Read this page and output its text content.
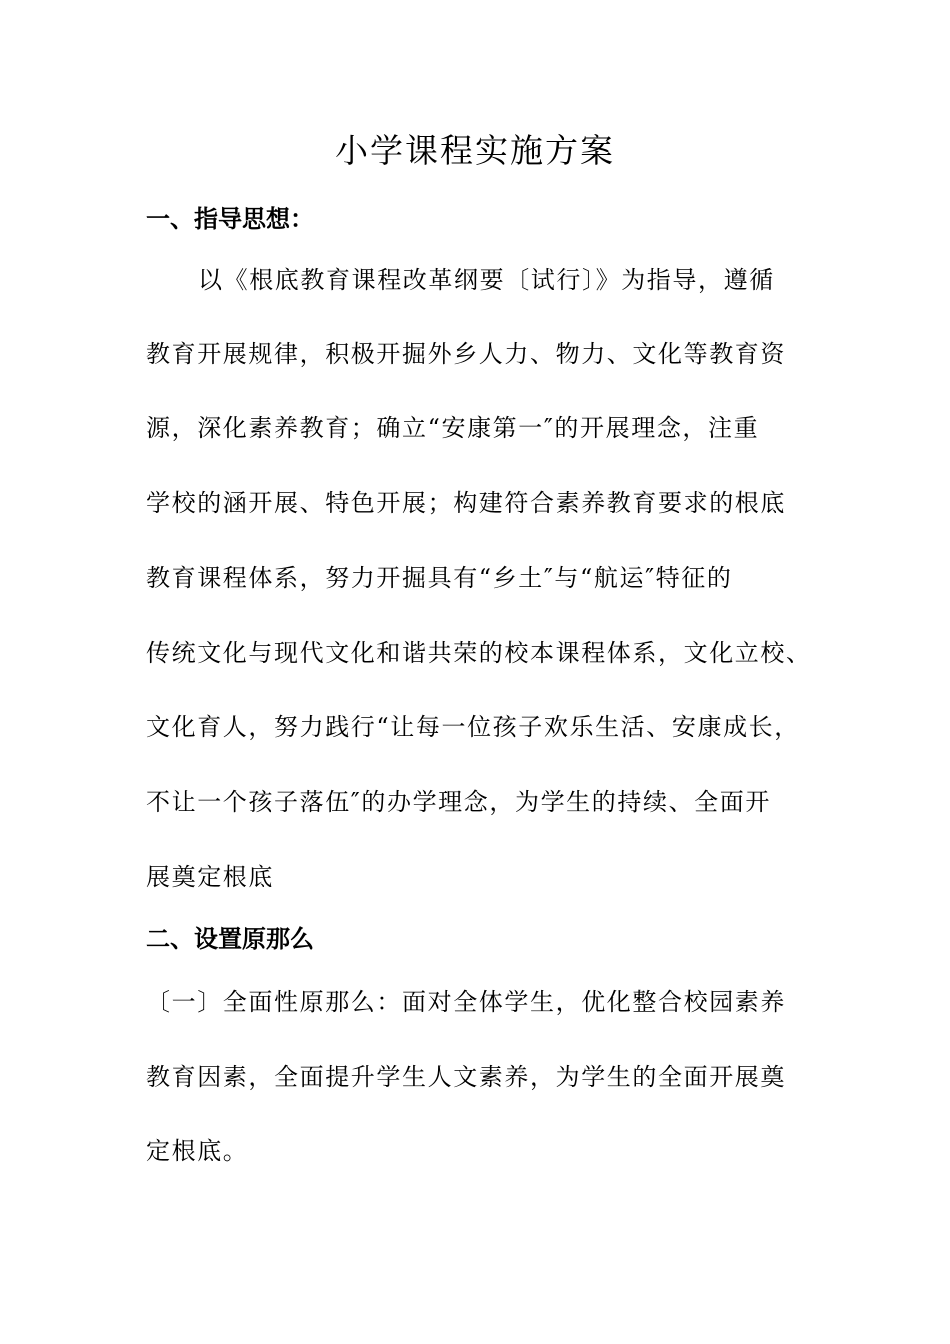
小学课程实施方案
一、指导思想：

以《根底教育课程改革纲要〔试行〕》为指导，遵循

教育开展规律，积极开掘外乡人力、物力、文化等教育资

源，深化素养教育；确立“安康第一″的开展理念，注重

学校的涵开展、特色开展；构建符合素养教育要求的根底

教育课程体系，努力开掘具有“乡土″与“航运″特征的

传统文化与现代文化和谐共荣的校本课程体系，文化立校、

文化育人，努力践行“让每一位孩子欢乐生活、安康成长，

不让一个孩子落伍″的办学理念，为学生的持续、全面开

展奠定根底

二、设置原那么

〔一〕全面性原那么：面对全体学生，优化整合校园素养

教育因素，全面提升学生人文素养，为学生的全面开展奠

定根底。
